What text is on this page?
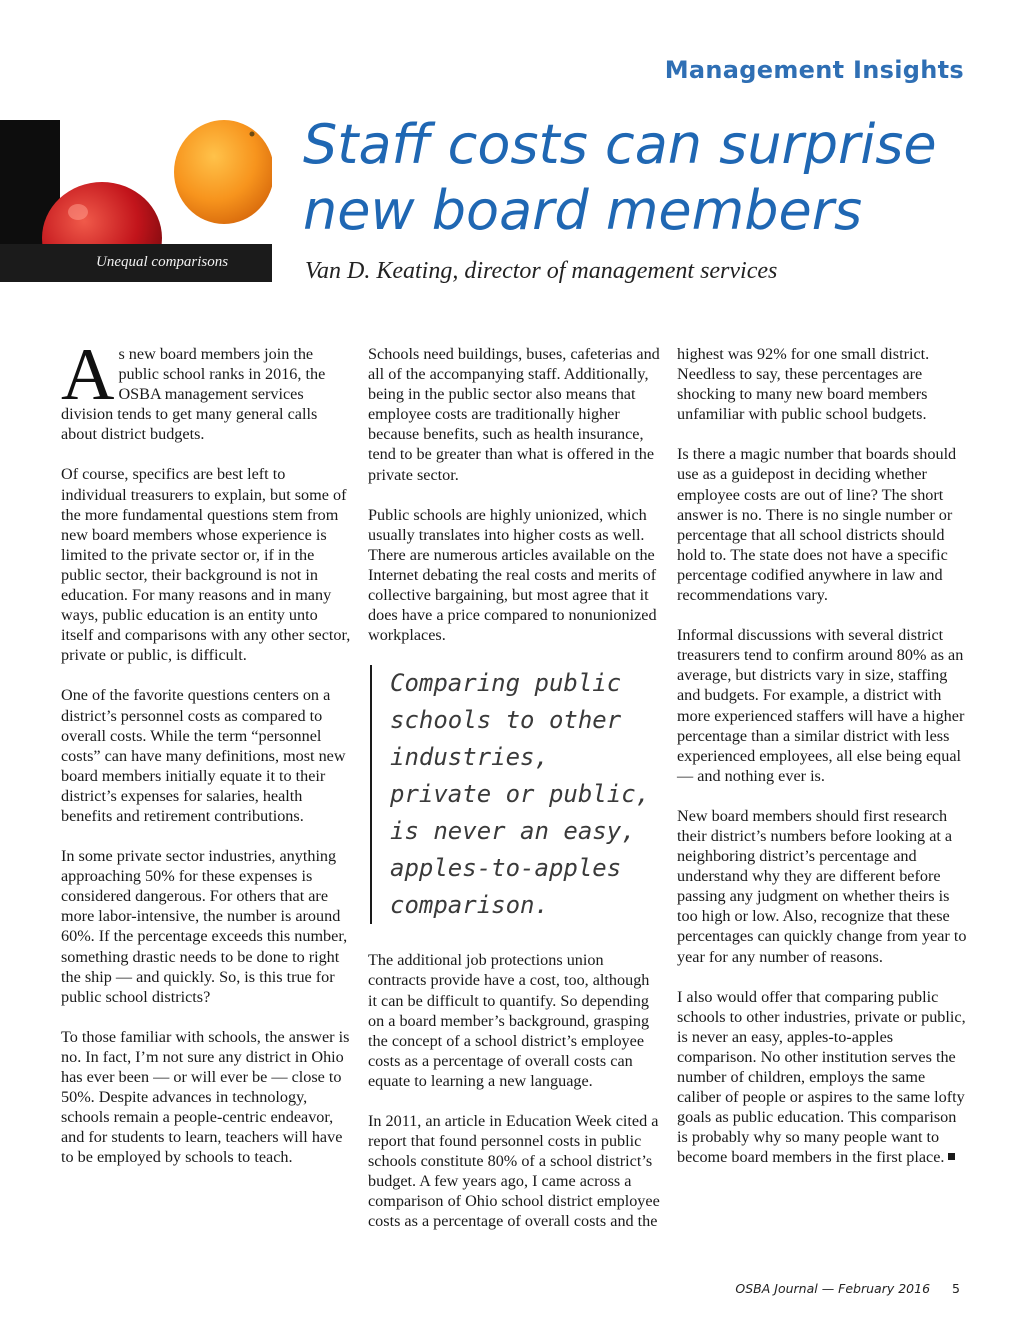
Management Insights
Unequal comparisons
Staff costs can surprise new board members
Van D. Keating, director of management services

As new board members join the public school ranks in 2016, the OSBA management services division tends to get many general calls about district budgets.

Of course, specifics are best left to individual treasurers to explain, but some of the more fundamental questions stem from new board members whose experience is limited to the private sector or, if in the public sector, their background is not in education. For many reasons and in many ways, public education is an entity unto itself and comparisons with any other sector, private or public, is difficult.

One of the favorite questions centers on a district’s personnel costs as compared to overall costs. While the term “personnel costs” can have many definitions, most new board members initially equate it to their district’s expenses for salaries, health benefits and retirement contributions.

In some private sector industries, anything approaching 50% for these expenses is considered dangerous. For others that are more labor-intensive, the number is around 60%. If the percentage exceeds this number, something drastic needs to be done to right the ship — and quickly. So, is this true for public school districts?

To those familiar with schools, the answer is no. In fact, I’m not sure any district in Ohio has ever been — or will ever be — close to 50%. Despite advances in technology, schools remain a people-centric endeavor, and for students to learn, teachers will have to be employed by schools to teach.

Schools need buildings, buses, cafeterias and all of the accompanying staff. Additionally, being in the public sector also means that employee costs are traditionally higher because benefits, such as health insurance, tend to be greater than what is offered in the private sector.

Public schools are highly unionized, which usually translates into higher costs as well. There are numerous articles available on the Internet debating the real costs and merits of collective bargaining, but most agree that it does have a price compared to nonunionized workplaces.

Comparing public schools to other industries, private or public, is never an easy, apples-to-apples comparison.

The additional job protections union contracts provide have a cost, too, although it can be difficult to quantify. So depending on a board member’s background, grasping the concept of a school district’s employee costs as a percentage of overall costs can equate to learning a new language.

In 2011, an article in Education Week cited a report that found personnel costs in public schools constitute 80% of a school district’s budget. A few years ago, I came across a comparison of Ohio school district employee costs as a percentage of overall costs and the

highest was 92% for one small district. Needless to say, these percentages are shocking to many new board members unfamiliar with public school budgets.

Is there a magic number that boards should use as a guidepost in deciding whether employee costs are out of line? The short answer is no. There is no single number or percentage that all school districts should hold to. The state does not have a specific percentage codified anywhere in law and recommendations vary.

Informal discussions with several district treasurers tend to confirm around 80% as an average, but districts vary in size, staffing and budgets. For example, a district with more experienced staffers will have a higher percentage than a similar district with less experienced employees, all else being equal — and nothing ever is.

New board members should first research their district’s numbers before looking at a neighboring district’s percentage and understand why they are different before passing any judgment on whether theirs is too high or low. Also, recognize that these percentages can quickly change from year to year for any number of reasons.

I also would offer that comparing public schools to other industries, private or public, is never an easy, apples-to-apples comparison. No other institution serves the number of children, employs the same caliber of people or aspires to the same lofty goals as public education. This comparison is probably why so many people want to become board members in the first place.

OSBA Journal — February 2016 5
